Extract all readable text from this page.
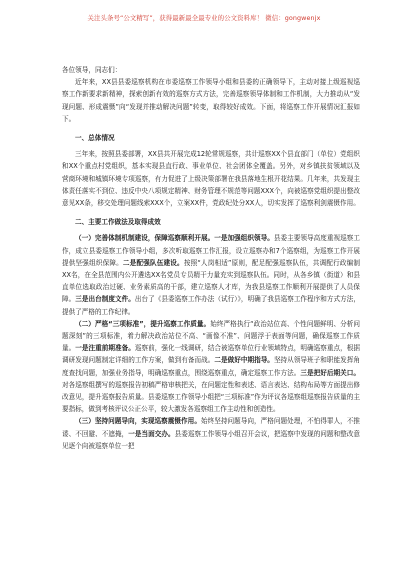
关注头条号“公文精写”，获得最新最全最专业的公文资料库！ 微信：gongwenjx

各位领导，同志们：

近年来，XX县县委巡察机构在市委巡察工作领导小组和县委的正确领导下，主动对接上级巡视巡察工作新要求新精神，探索创新有效的巡察方式方法，完善巡察领导体制和工作机制，大力推动从“发现问题、形成震慑”向“发现并推动解决问题”转变，取得较好成效。下面，将巡察工作开展情况汇报如下。

一、总体情况

三年来，按照县委部署，XX县共开展完成12轮常规巡察，共计巡察XX个县直部门（单位）党组织和XX个重点村党组织，基本实现县直行政、事业单位、社会团体全覆盖。另外，对乡镇扶贫领域以及营商环境和城镇环境专项巡察，有力促进了上级决策部署在我县落地生根开花结果。几年来，共发现主体责任落实不到位、违反中央八项规定精神、财务管理不规范等问题XXX个，向被巡察党组织提出整改意见XX条，移交处理问题线索XXX个，立案XX件，党政纪处分XX人，切实发挥了巡察利剑震慑作用。

二、主要工作做法及取得成效

（一）完善体制机制建设，保障巡察顺利开展。一是加强组织领导。县委主要领导高度重视巡察工作，成立县委巡察工作领导小组，多次听取巡察工作汇报，设立巡察办和7个巡察组，为巡察工作开展提供坚强组织保障。二是配强队伍建设。按照“人岗相适”原则，配足配强巡察队伍，共调配行政编制XX名，在全县范围内公开遴选XX名党员专员精干力量充实到巡察队伍。同时，从各乡镇（街道）和县直单位选取政治过硬、业务素质高的干部，建立巡察人才库，为我县巡察工作顺利开展提供了人员保障。三是出台制度文件。出台了《县委巡察工作办法（试行）》，明确了我县巡察工作程序和方式方法，提供了严格的工作纪律。

（二）严格“三项标准”，提升巡察工作质量。始终严格执行“政治站位高、个性问题鲜明、分析问题深刻”的三项标准，着力解决政治站位不高、“画像不准”、问题浮于表面等问题，确保巡察工作质量。一是注重前期准备。巡察前，强化一线调研，结合被巡察单位行业领域特点，明确巡察重点，根据调研发现问题制定详细的工作方案，做到有备而战。二是做好中期指导。坚持从领导班子和职能发挥角度查找问题，加强业务指导，明确巡察重点，围绕巡察重点，确定巡察工作方法。三是把好后期关口。对各巡察组撰写的巡察报告初稿严格审核把关，在问题定性和表述、语言表达、结构布局等方面提出修改意见，提升巡察报告质量。县委巡察工作领导小组把“三项标准”作为评议各巡察组巡察报告质量的主要指标，做到考核评议公正公平，较大激发各巡察组工作主动性和创造性。

（三）坚持问题导向，实现巡察震慑作用。始终坚持问题导向，严格问题处理，不怕得罪人，不推诿、不回避、不遮掩，一是当面交办。县委巡察工作领导小组召开会议，把巡察中发现的问题和整改意见逐个向被巡察单位一把
